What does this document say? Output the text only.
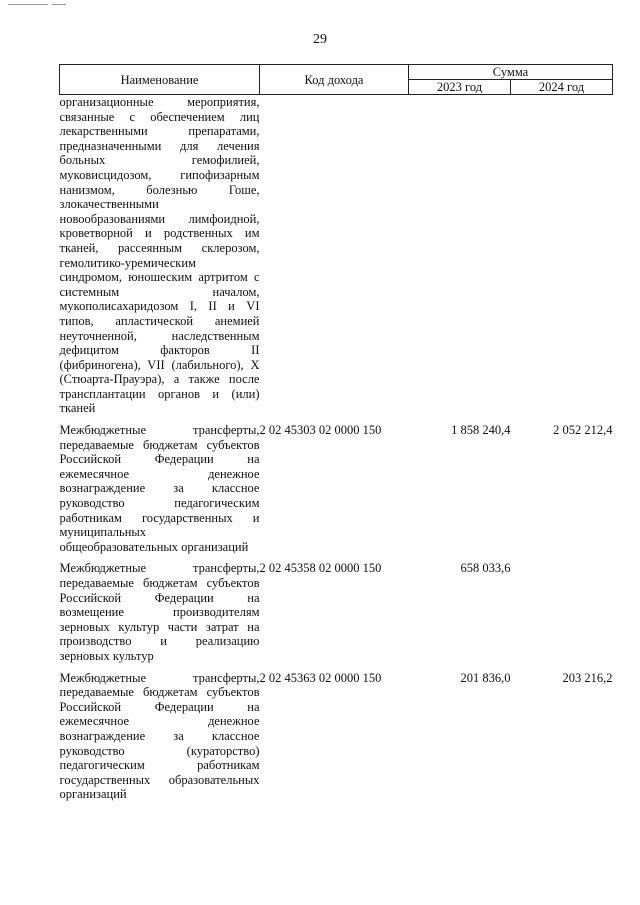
29
Наименование	Код дохода	Сумма	
		2023 год	2024 год
организационные мероприятия, связанные с обеспечением лиц лекарственными препаратами, предназначенными для лечения больных гемофилией, муковисцидозом, гипофизарным нанизмом, болезнью Гоше, злокачественными новообразованиями лимфоидной, кроветворной и родственных им тканей, рассеянным склерозом, гемолитико-уремическим синдромом, юношеским артритом с системным началом, мукополисахаридозом I, II и VI типов, апластической анемией неуточненной, наследственным дефицитом факторов II (фибриногена), VII (лабильного), X (Стюарта-Прауэра), а также после трансплантации органов и (или) тканей			
Межбюджетные трансферты, передаваемые бюджетам субъектов Российской Федерации на ежемесячное денежное вознаграждение за классное руководство педагогическим работникам государственных и муниципальных общеобразовательных организаций	2 02 45303 02 0000 150	1 858 240,4	2 052 212,4
Межбюджетные трансферты, передаваемые бюджетам субъектов Российской Федерации на возмещение производителям зерновых культур части затрат на производство и реализацию зерновых культур	2 02 45358 02 0000 150	658 033,6	
Межбюджетные трансферты, передаваемые бюджетам субъектов Российской Федерации на ежемесячное денежное вознаграждение за классное руководство (кураторство) педагогическим работникам государственных образовательных организаций	2 02 45363 02 0000 150	201 836,0	203 216,2
